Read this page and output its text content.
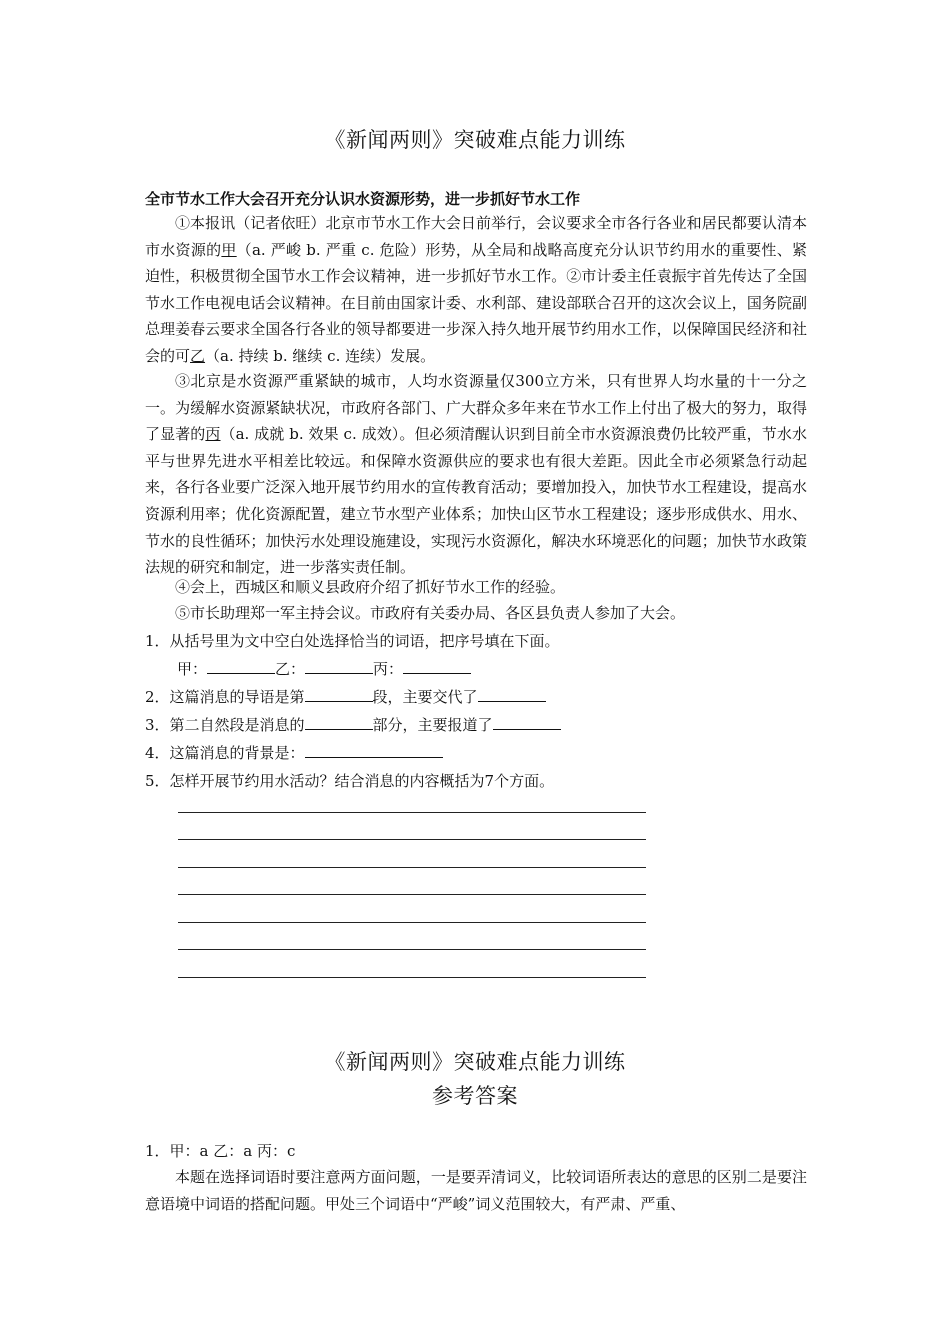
《新闻两则》突破难点能力训练
全市节水工作大会召开充分认识水资源形势，进一步抓好节水工作

①本报讯（记者依旺）北京市节水工作大会日前举行，会议要求全市各行各业和居民都要认清本市水资源的甲（a. 严峻 b. 严重 c. 危险）形势，从全局和战略高度充分认识节约用水的重要性、紧迫性，积极贯彻全国节水工作会议精神，进一步抓好节水工作。②市计委主任袁振宇首先传达了全国节水工作电视电话会议精神。在目前由国家计委、水利部、建设部联合召开的这次会议上，国务院副总理姜春云要求全国各行各业的领导都要进一步深入持久地开展节约用水工作，以保障国民经济和社会的可乙（a. 持续 b. 继续 c. 连续）发展。

③北京是水资源严重紧缺的城市，人均水资源量仅300立方米，只有世界人均水量的十一分之一。为缓解水资源紧缺状况，市政府各部门、广大群众多年来在节水工作上付出了极大的努力，取得了显著的丙（a. 成就 b. 效果 c. 成效）。但必须清醒认识到目前全市水资源浪费仍比较严重，节水水平与世界先进水平相差比较远。和保障水资源供应的要求也有很大差距。因此全市必须紧急行动起来，各行各业要广泛深入地开展节约用水的宣传教育活动；要增加投入，加快节水工程建设，提高水资源利用率；优化资源配置，建立节水型产业体系；加快山区节水工程建设；逐步形成供水、用水、节水的良性循环；加快污水处理设施建设，实现污水资源化，解决水环境恶化的问题；加快节水政策法规的研究和制定，进一步落实责任制。

④会上，西城区和顺义县政府介绍了抓好节水工作的经验。

⑤市长助理郑一军主持会议。市政府有关委办局、各区县负责人参加了大会。

1．从括号里为文中空白处选择恰当的词语，把序号填在下面。
甲：	乙：	丙：
2．这篇消息的导语是第	段，主要交代了
3．第二自然段是消息的	部分，主要报道了
4．这篇消息的背景是：
5．怎样开展节约用水活动？结合消息的内容概括为7个方面。
《新闻两则》突破难点能力训练
参考答案
1．甲：a 乙：a 丙：c

本题在选择词语时要注意两方面问题，一是要弄清词义，比较词语所表达的意思的区别二是要注意语境中词语的搭配问题。甲处三个词语中“严峻”词义范围较大，有严肃、严重、
